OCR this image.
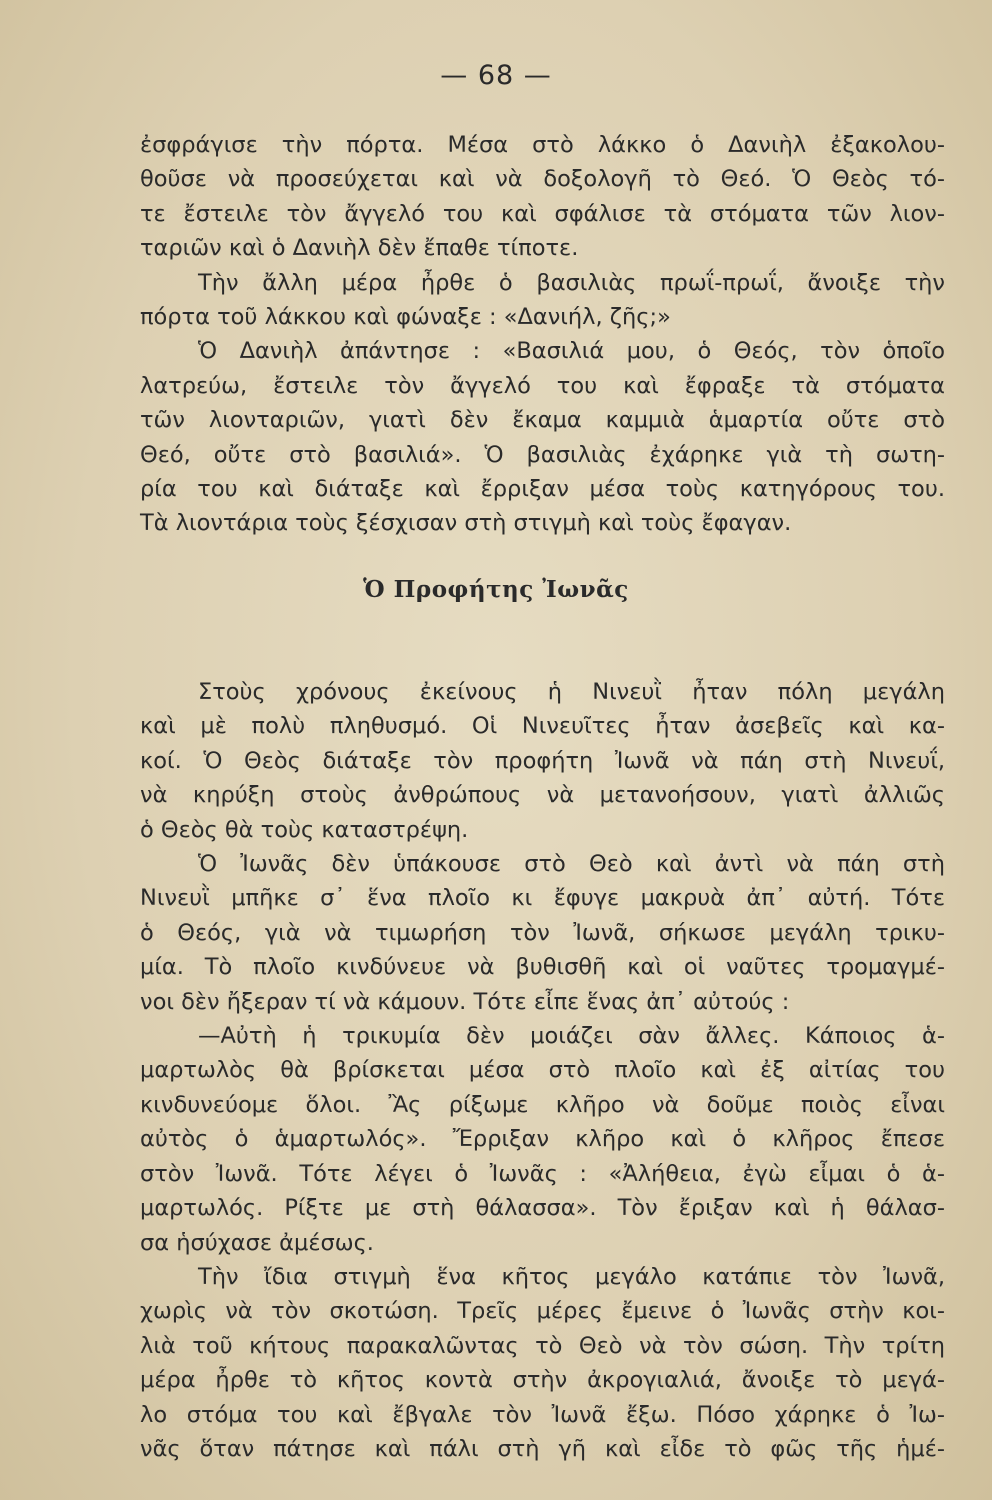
— 68 —
ἐσφράγισε τὴν πόρτα. Μέσα στὸ λάκκο ὁ Δανιὴλ ἐξακολου-
θοῦσε νὰ προσεύχεται καὶ νὰ δοξολογῆ τὸ Θεό. Ὁ Θεὸς τό-
τε ἔστειλε τὸν ἄγγελό του καὶ σφάλισε τὰ στόματα τῶν λιον-
ταριῶν καὶ ὁ Δανιὴλ δὲν ἔπαθε τίποτε.
Τὴν ἄλλη μέρα ἦρθε ὁ βασιλιὰς πρωΐ-πρωΐ, ἄνοιξε τὴν
πόρτα τοῦ λάκκου καὶ φώναξε : «Δανιήλ, ζῆς;»
Ὁ Δανιὴλ ἀπάντησε : «Βασιλιά μου, ὁ Θεός, τὸν ὁποῖο
λατρεύω, ἔστειλε τὸν ἄγγελό του καὶ ἔφραξε τὰ στόματα
τῶν λιονταριῶν, γιατὶ δὲν ἔκαμα καμμιὰ ἁμαρτία οὔτε στὸ
Θεό, οὔτε στὸ βασιλιά». Ὁ βασιλιὰς ἐχάρηκε γιὰ τὴ σωτη-
ρία του καὶ διάταξε καὶ ἔρριξαν μέσα τοὺς κατηγόρους του.
Τὰ λιοντάρια τοὺς ξέσχισαν στὴ στιγμὴ καὶ τοὺς ἔφαγαν.
Ὁ Προφήτης Ἰωνᾶς
Στοὺς χρόνους ἐκείνους ἡ Νινευῒ ἦταν πόλη μεγάλη
καὶ μὲ πολὺ πληθυσμό. Οἱ Νινευῖτες ἦταν ἀσεβεῖς καὶ κα-
κοί. Ὁ Θεὸς διάταξε τὸν προφήτη Ἰωνᾶ νὰ πάη στὴ Νινευΐ,
νὰ κηρύξη στοὺς ἀνθρώπους νὰ μετανοήσουν, γιατὶ ἀλλιῶς
ὁ Θεὸς θὰ τοὺς καταστρέψη.
Ὁ Ἰωνᾶς δὲν ὑπάκουσε στὸ Θεὸ καὶ ἀντὶ νὰ πάη στὴ
Νινευῒ μπῆκε σ᾿ ἕνα πλοῖο κι ἔφυγε μακρυὰ ἀπ᾿ αὐτή. Τότε
ὁ Θεός, γιὰ νὰ τιμωρήση τὸν Ἰωνᾶ, σήκωσε μεγάλη τρικυ-
μία. Τὸ πλοῖο κινδύνευε νὰ βυθισθῆ καὶ οἱ ναῦτες τρομαγμέ-
νοι δὲν ἤξεραν τί νὰ κάμουν. Τότε εἶπε ἕνας ἀπ᾿ αὐτούς :
—Αὐτὴ ἡ τρικυμία δὲν μοιάζει σὰν ἄλλες. Κάποιος ἁ-
μαρτωλὸς θὰ βρίσκεται μέσα στὸ πλοῖο καὶ ἐξ αἰτίας του
κινδυνεύομε ὅλοι. Ἂς ρίξωμε κλῆρο νὰ δοῦμε ποιὸς εἶναι
αὐτὸς ὁ ἁμαρτωλός». Ἔρριξαν κλῆρο καὶ ὁ κλῆρος ἔπεσε
στὸν Ἰωνᾶ. Τότε λέγει ὁ Ἰωνᾶς : «Ἀλήθεια, ἐγὼ εἶμαι ὁ ἁ-
μαρτωλός. Ρίξτε με στὴ θάλασσα». Τὸν ἔριξαν καὶ ἡ θάλασ-
σα ἡσύχασε ἀμέσως.
Τὴν ἴδια στιγμὴ ἕνα κῆτος μεγάλο κατάπιε τὸν Ἰωνᾶ,
χωρὶς νὰ τὸν σκοτώση. Τρεῖς μέρες ἔμεινε ὁ Ἰωνᾶς στὴν κοι-
λιὰ τοῦ κήτους παρακαλῶντας τὸ Θεὸ νὰ τὸν σώση. Τὴν τρίτη
μέρα ἦρθε τὸ κῆτος κοντὰ στὴν ἀκρογιαλιά, ἄνοιξε τὸ μεγά-
λο στόμα του καὶ ἔβγαλε τὸν Ἰωνᾶ ἔξω. Πόσο χάρηκε ὁ Ἰω-
νᾶς ὅταν πάτησε καὶ πάλι στὴ γῆ καὶ εἶδε τὸ φῶς τῆς ἡμέ-
